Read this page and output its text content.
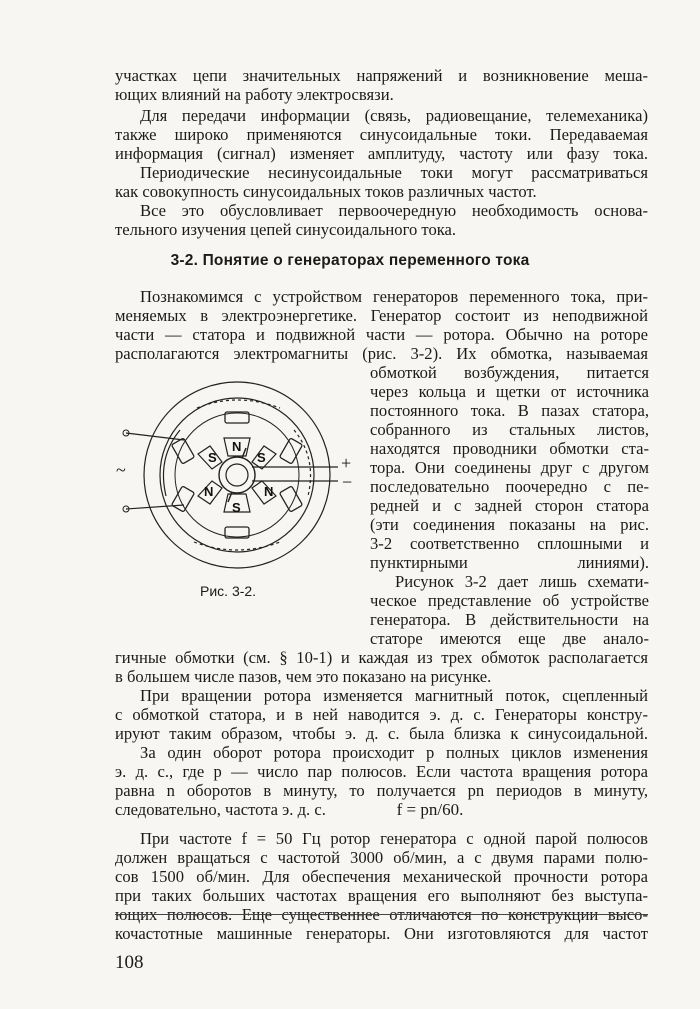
участках цепи значительных напряжений и возникновение меша-
ющих влияний на работу электросвязи.
Для передачи информации (связь, радиовещание, телемеханика)
также широко применяются синусоидальные токи. Передаваемая
информация (сигнал) изменяет амплитуду, частоту или фазу тока.
Периодические несинусоидальные токи могут рассматриваться
как совокупность синусоидальных токов различных частот.
Все это обусловливает первоочередную необходимость основа-
тельного изучения цепей синусоидального тока.
3-2. Понятие о генераторах переменного тока
Познакомимся с устройством генераторов переменного тока, при-
меняемых в электроэнергетике. Генератор состоит из неподвижной
части — статора и подвижной части — ротора. Обычно на роторе
располагаются электромагниты (рис. 3-2). Их обмотка, называемая
обмоткой возбуждения, питается
через кольца и щетки от источника
постоянного тока. В пазах статора,
собранного из стальных листов,
находятся проводники обмотки ста-
тора. Они соединены друг с другом
последовательно поочередно с пе-
редней и с задней сторон статора
(эти соединения показаны на рис.
3-2 соответственно сплошными и
пунктирными линиями).
Рисунок 3-2 дает лишь схемати-
ческое представление об устройстве
генератора. В действительности на
статоре имеются еще две анало-
N
S	S
N	N
S
~	+
−
Рис. 3-2.
гичные обмотки (см. § 10-1) и каждая из трех обмоток располагается
в большем числе пазов, чем это показано на рисунке.
При вращении ротора изменяется магнитный поток, сцепленный
с обмоткой статора, и в ней наводится э. д. с. Генераторы констру-
ируют таким образом, чтобы э. д. с. была близка к синусоидальной.
За один оборот ротора происходит p полных циклов изменения
э. д. с., где p — число пар полюсов. Если частота вращения ротора
равна n оборотов в минуту, то получается pn периодов в минуту,
следовательно, частота э. д. с.	f = pn/60.
При частоте f = 50 Гц ротор генератора с одной парой полюсов
должен вращаться с частотой 3000 об/мин, а с двумя парами полю-
сов 1500 об/мин. Для обеспечения механической прочности ротора
при таких больших частотах вращения его выполняют без выступа-
ющих полюсов. Еще существеннее отличаются по конструкции высо-
кочастотные машинные генераторы. Они изготовляются для частот
108
